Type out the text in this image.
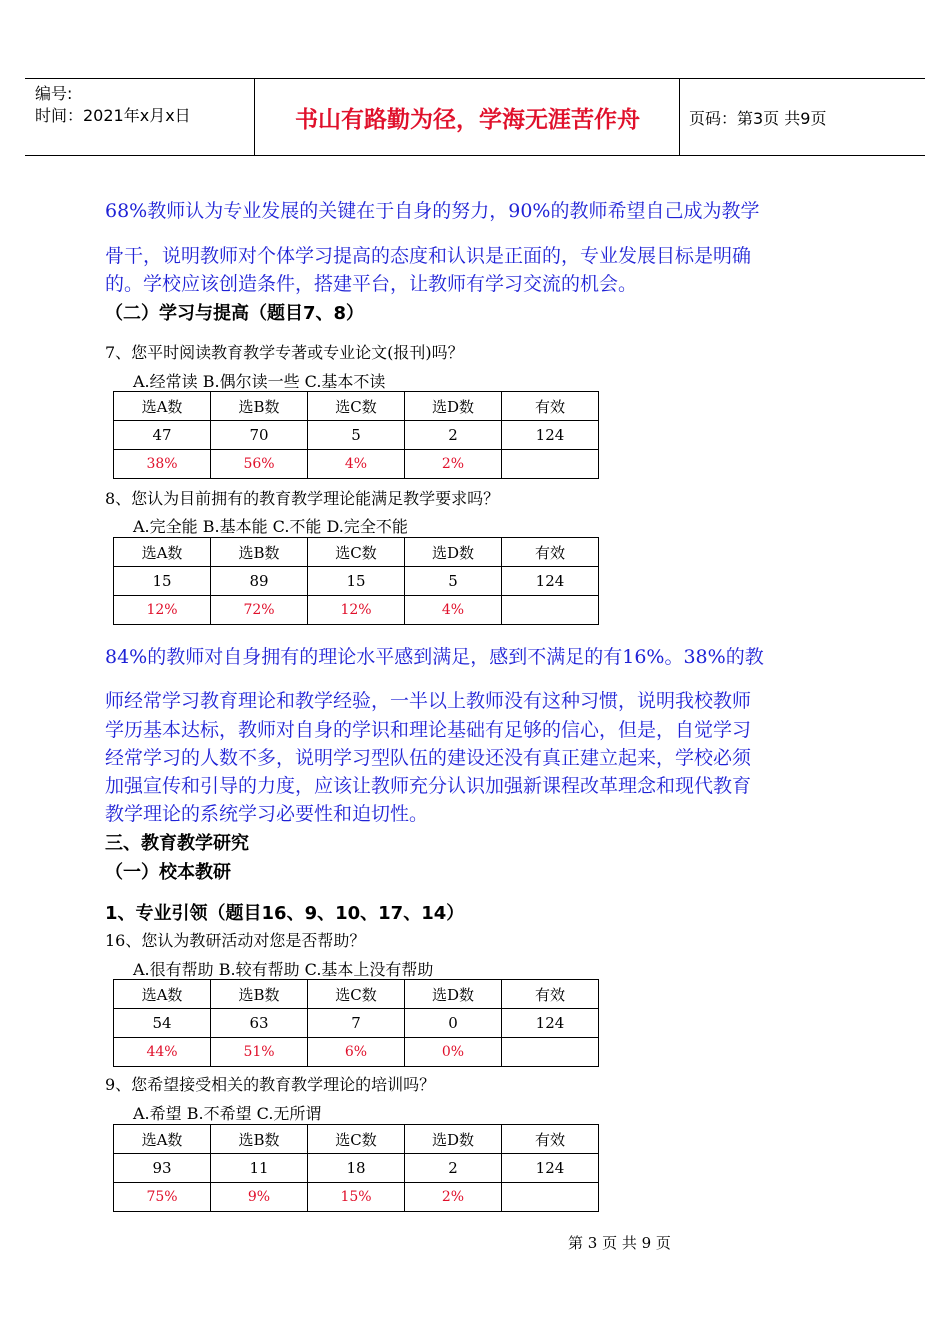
编号:
时间：2021年x月x日	书山有路勤为径，学海无涯苦作舟	页码：第3页 共9页
68%教师认为专业发展的关键在于自身的努力，90%的教师希望自己成为教学
骨干，说明教师对个体学习提高的态度和认识是正面的，专业发展目标是明确
的。学校应该创造条件，搭建平台，让教师有学习交流的机会。
（二）学习与提高（题目7、8）
7、您平时阅读教育教学专著或专业论文(报刊)吗？
A.经常读 B.偶尔读一些 C.基本不读
选A数	选B数	选C数	选D数	有效
47	70	5	2	124
38%	56%	4%	2%	
8、您认为目前拥有的教育教学理论能满足教学要求吗？
A.完全能 B.基本能 C.不能 D.完全不能
选A数	选B数	选C数	选D数	有效
15	89	15	5	124
12%	72%	12%	4%	
84%的教师对自身拥有的理论水平感到满足，感到不满足的有16%。38%的教
师经常学习教育理论和教学经验，一半以上教师没有这种习惯，说明我校教师
学历基本达标，教师对自身的学识和理论基础有足够的信心，但是，自觉学习
经常学习的人数不多，说明学习型队伍的建设还没有真正建立起来，学校必须
加强宣传和引导的力度，应该让教师充分认识加强新课程改革理念和现代教育
教学理论的系统学习必要性和迫切性。
三、教育教学研究
（一）校本教研
1、专业引领（题目16、9、10、17、14）
16、您认为教研活动对您是否帮助？
A.很有帮助 B.较有帮助 C.基本上没有帮助
选A数	选B数	选C数	选D数	有效
54	63	7	0	124
44%	51%	6%	0%	
9、您希望接受相关的教育教学理论的培训吗？
A.希望 B.不希望 C.无所谓
选A数	选B数	选C数	选D数	有效
93	11	18	2	124
75%	9%	15%	2%	
第 3 页 共 9 页
